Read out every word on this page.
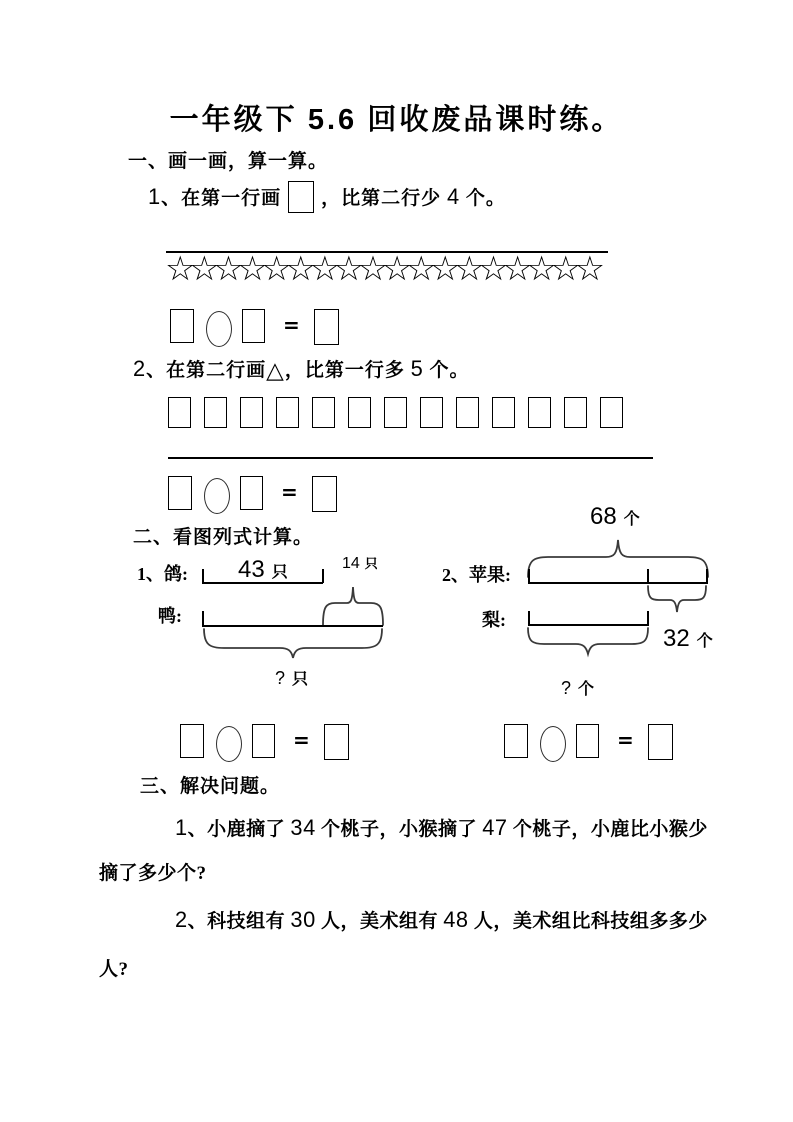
一年级下 5.6 回收废品课时练。
一、画一画，算一算。
1、在第一行画 ，比第二行少 4 个。
☆☆☆☆☆☆☆☆☆☆☆☆☆☆☆☆☆☆
=
2、在第二行画△，比第一行多 5 个。
=
二、看图列式计算。
1、鸽: 43 只
14 只
鸭:
? 只
68 个
2、苹果:
32 个
梨:
? 个
=	=
三、解决问题。
1、小鹿摘了 34 个桃子，小猴摘了 47 个桃子，小鹿比小猴少
摘了多少个?
2、科技组有 30 人，美术组有 48 人，美术组比科技组多多少
人?
